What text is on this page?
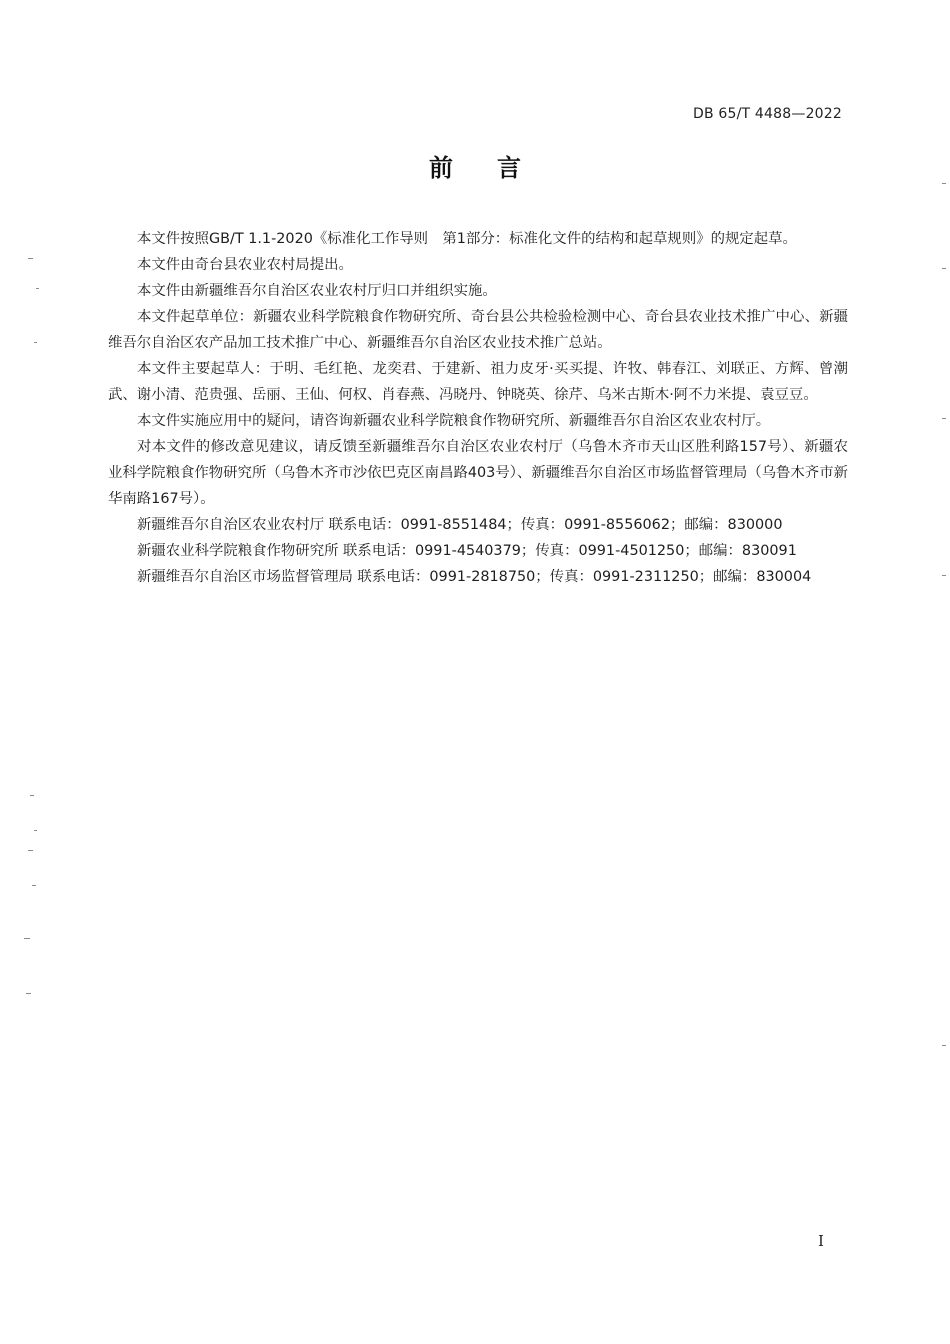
DB 65/T 4488—2022
前言

本文件按照GB/T 1.1-2020《标准化工作导则　第1部分：标准化文件的结构和起草规则》的规定起草。

本文件由奇台县农业农村局提出。

本文件由新疆维吾尔自治区农业农村厅归口并组织实施。

本文件起草单位：新疆农业科学院粮食作物研究所、奇台县公共检验检测中心、奇台县农业技术推广中心、新疆维吾尔自治区农产品加工技术推广中心、新疆维吾尔自治区农业技术推广总站。

本文件主要起草人：于明、毛红艳、龙奕君、于建新、祖力皮牙·买买提、许牧、韩春江、刘联正、方辉、曾潮武、谢小清、范贵强、岳丽、王仙、何权、肖春燕、冯晓丹、钟晓英、徐芹、乌米古斯木·阿不力米提、袁豆豆。

本文件实施应用中的疑问，请咨询新疆农业科学院粮食作物研究所、新疆维吾尔自治区农业农村厅。

对本文件的修改意见建议，请反馈至新疆维吾尔自治区农业农村厅（乌鲁木齐市天山区胜利路157号）、新疆农业科学院粮食作物研究所（乌鲁木齐市沙依巴克区南昌路403号）、新疆维吾尔自治区市场监督管理局（乌鲁木齐市新华南路167号）。

新疆维吾尔自治区农业农村厅 联系电话：0991-8551484；传真：0991-8556062；邮编：830000

新疆农业科学院粮食作物研究所 联系电话：0991-4540379；传真：0991-4501250；邮编：830091

新疆维吾尔自治区市场监督管理局 联系电话：0991-2818750；传真：0991-2311250；邮编：830004

I
